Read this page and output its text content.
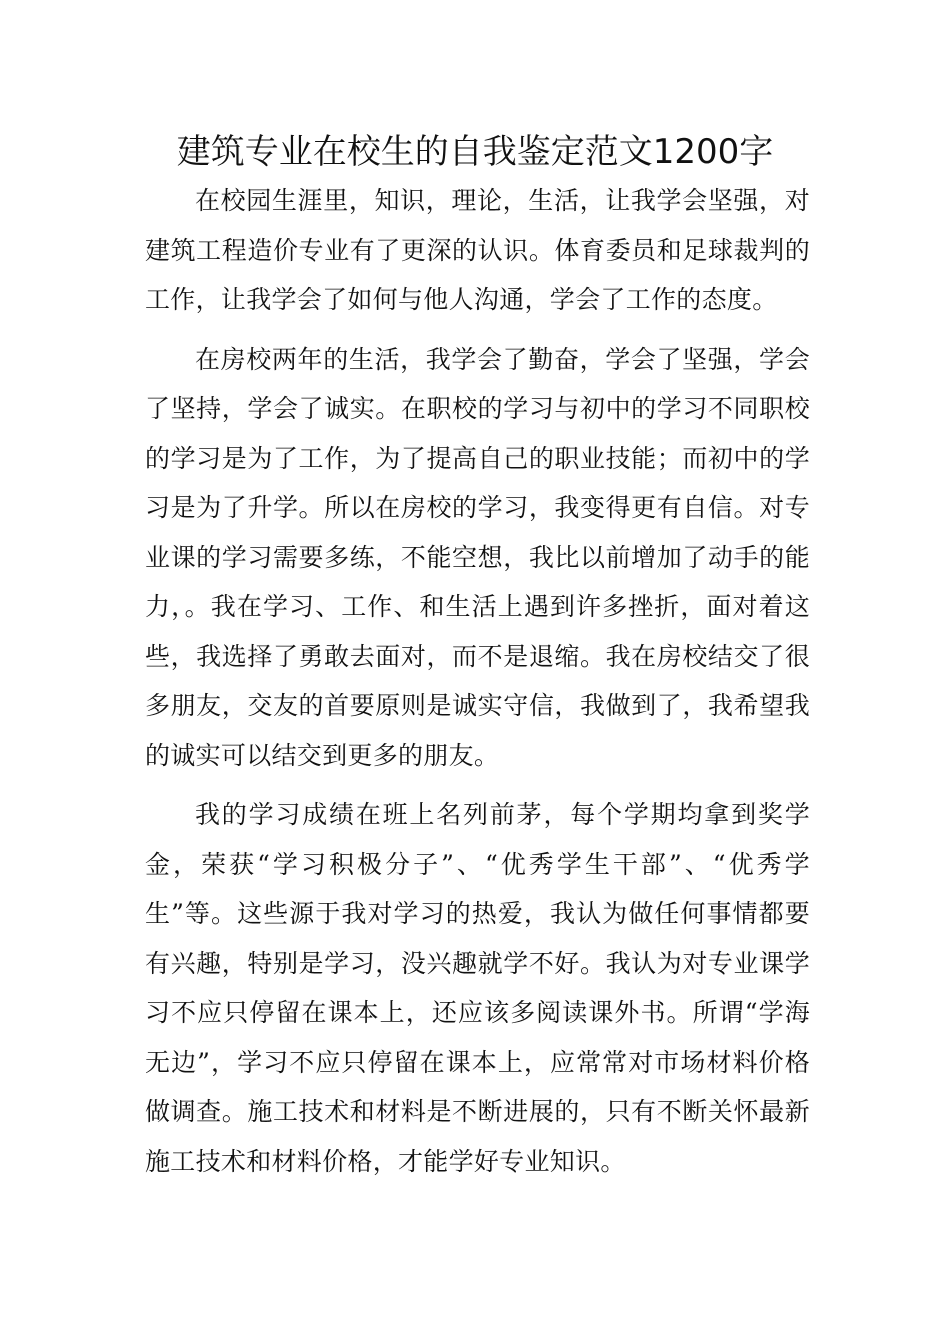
建筑专业在校生的自我鉴定范文1200字

在校园生涯里，知识，理论，生活，让我学会坚强，对建筑工程造价专业有了更深的认识。体育委员和足球裁判的工作，让我学会了如何与他人沟通，学会了工作的态度。

在房校两年的生活，我学会了勤奋，学会了坚强，学会了坚持，学会了诚实。在职校的学习与初中的学习不同职校的学习是为了工作，为了提高自己的职业技能；而初中的学习是为了升学。所以在房校的学习，我变得更有自信。对专业课的学习需要多练，不能空想，我比以前增加了动手的能力，。我在学习、工作、和生活上遇到许多挫折，面对着这些，我选择了勇敢去面对，而不是退缩。我在房校结交了很多朋友，交友的首要原则是诚实守信，我做到了，我希望我的诚实可以结交到更多的朋友。

我的学习成绩在班上名列前茅，每个学期均拿到奖学金，荣获“学习积极分子”、“优秀学生干部”、“优秀学生”等。这些源于我对学习的热爱，我认为做任何事情都要有兴趣，特别是学习，没兴趣就学不好。我认为对专业课学习不应只停留在课本上，还应该多阅读课外书。所谓“学海无边”，学习不应只停留在课本上，应常常对市场材料价格做调查。施工技术和材料是不断进展的，只有不断关怀最新施工技术和材料价格，才能学好专业知识。
